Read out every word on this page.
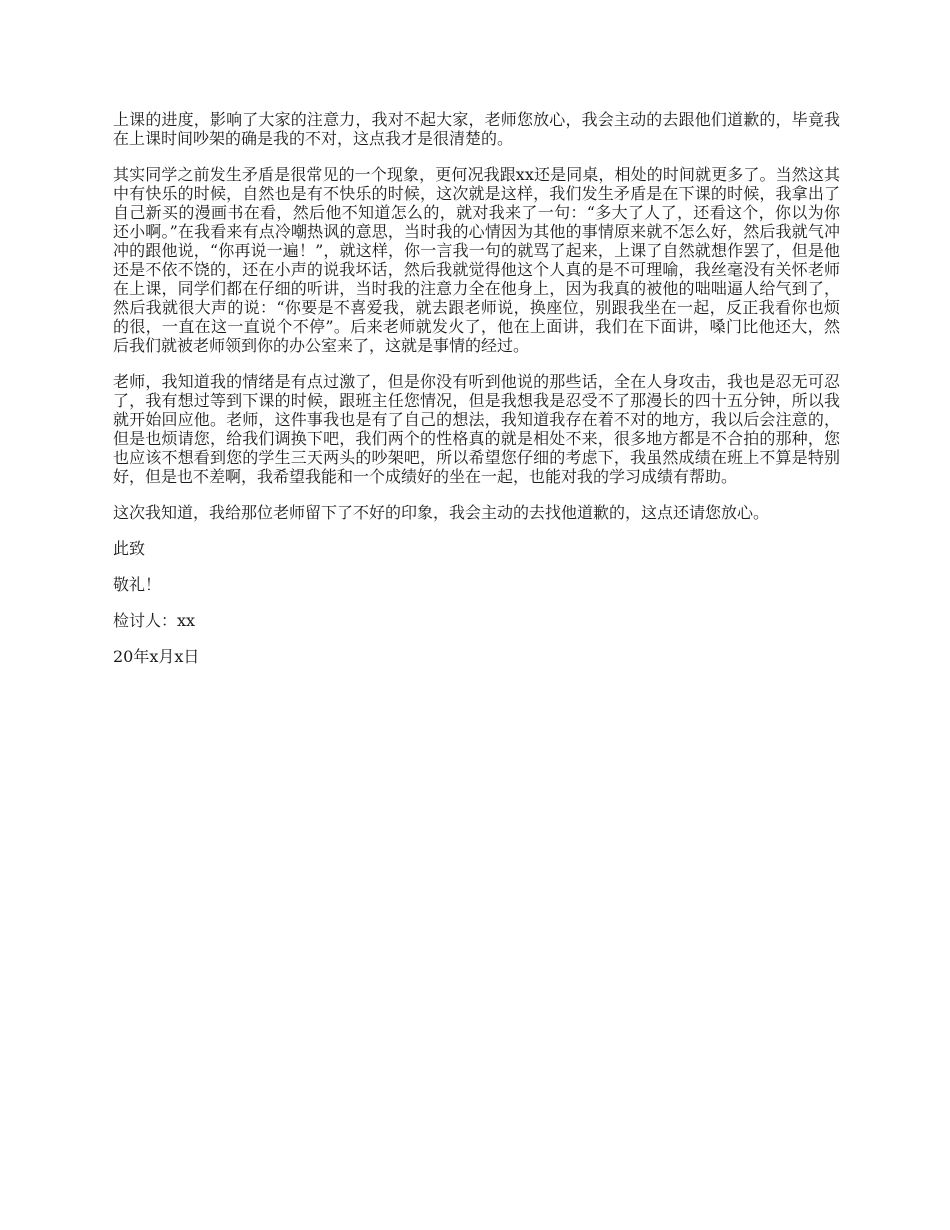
上课的进度，影响了大家的注意力，我对不起大家，老师您放心，我会主动的去跟他们道歉的，毕竟我在上课时间吵架的确是我的不对，这点我才是很清楚的。

其实同学之前发生矛盾是很常见的一个现象，更何况我跟xx还是同桌，相处的时间就更多了。当然这其中有快乐的时候，自然也是有不快乐的时候，这次就是这样，我们发生矛盾是在下课的时候，我拿出了自己新买的漫画书在看，然后他不知道怎么的，就对我来了一句：“多大了人了，还看这个，你以为你还小啊。”在我看来有点冷嘲热讽的意思，当时我的心情因为其他的事情原来就不怎么好，然后我就气冲冲的跟他说，“你再说一遍！”，就这样，你一言我一句的就骂了起来，上课了自然就想作罢了，但是他还是不依不饶的，还在小声的说我坏话，然后我就觉得他这个人真的是不可理喻，我丝毫没有关怀老师在上课，同学们都在仔细的听讲，当时我的注意力全在他身上，因为我真的被他的咄咄逼人给气到了，然后我就很大声的说：“你要是不喜爱我，就去跟老师说，换座位，别跟我坐在一起，反正我看你也烦的很，一直在这一直说个不停”。后来老师就发火了，他在上面讲，我们在下面讲，嗓门比他还大，然后我们就被老师领到你的办公室来了，这就是事情的经过。

老师，我知道我的情绪是有点过激了，但是你没有听到他说的那些话，全在人身攻击，我也是忍无可忍了，我有想过等到下课的时候，跟班主任您情况，但是我想我是忍受不了那漫长的四十五分钟，所以我就开始回应他。老师，这件事我也是有了自己的想法，我知道我存在着不对的地方，我以后会注意的，但是也烦请您，给我们调换下吧，我们两个的性格真的就是相处不来，很多地方都是不合拍的那种，您也应该不想看到您的学生三天两头的吵架吧，所以希望您仔细的考虑下，我虽然成绩在班上不算是特别好，但是也不差啊，我希望我能和一个成绩好的坐在一起，也能对我的学习成绩有帮助。

这次我知道，我给那位老师留下了不好的印象，我会主动的去找他道歉的，这点还请您放心。

此致

敬礼！

检讨人：xx

20年x月x日
